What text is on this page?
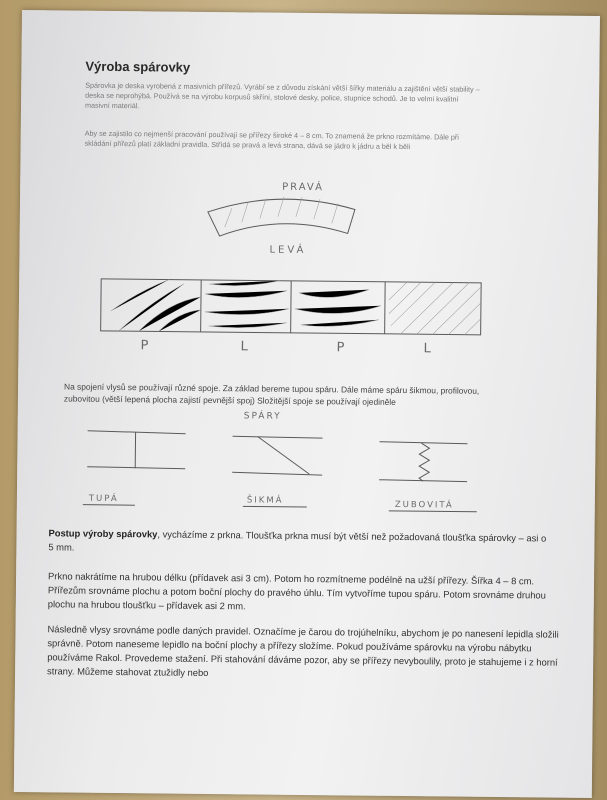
Výroba spárovky

Spárovka je deska vyrobená z masivních přířezů. Vyrábí se z důvodu získání větší šířky materiálu a zajištění větší stability – deska se neprohýbá. Používá se na výrobu korpusů skříní, stolové desky, police, stupnice schodů. Je to velmi kvalitní masivní materiál.

Aby se zajistilo co nejmenší pracování používají se přířezy široké 4 – 8 cm. To znamená že prkno rozmítáme. Dále při skládání přířezů platí základní pravidla. Střídá se pravá a levá strana, dává se jádro k jádru a běl k běli

PRAVÁ
LEVÁ
P	L	P	L
SPÁRY
TUPÁ	ŠIKMÁ	ZUBOVITÁ

Na spojení vlysů se používají různé spoje. Za základ bereme tupou spáru. Dále máme spáru šikmou, profilovou, zubovitou (větší lepená plocha zajistí pevnější spoj) Složitější spoje se používají ojediněle

Postup výroby spárovky, vycházíme z prkna. Tloušťka prkna musí být větší než požadovaná tloušťka spárovky – asi o 5 mm.

Prkno nakrátíme na hrubou délku (přídavek asi 3 cm). Potom ho rozmítneme podélně na užší přířezy. Šířka 4 – 8 cm. Přířezům srovnáme plochu a potom boční plochy do pravého úhlu. Tím vytvoříme tupou spáru. Potom srovnáme druhou plochu na hrubou tloušťku – přídavek asi 2 mm.

Následně vlysy srovnáme podle daných pravidel. Označíme je čarou do trojúhelníku, abychom je po nanesení lepidla složili správně. Potom naneseme lepidlo na boční plochy a přířezy složíme. Pokud používáme spárovku na výrobu nábytku používáme Rakol. Provedeme stažení. Při stahování dáváme pozor, aby se přířezy nevyboulily, proto je stahujeme i z horní strany. Můžeme stahovat ztužidly nebo
